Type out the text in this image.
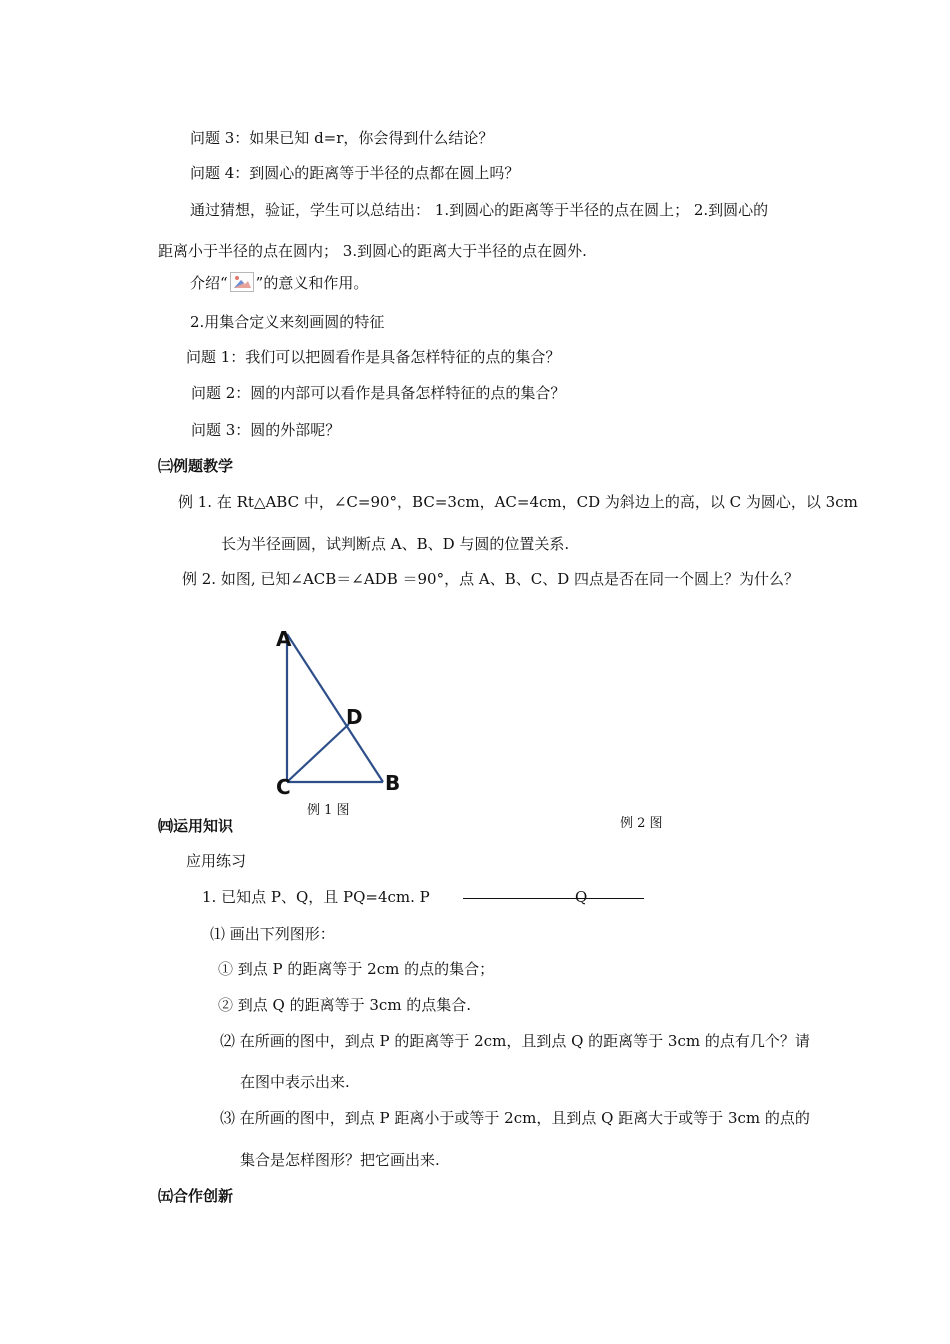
问题 3：如果已知 d=r，你会得到什么结论？
问题 4：到圆心的距离等于半径的点都在圆上吗？
通过猜想，验证，学生可以总结出： 1.到圆心的距离等于半径的点在圆上； 2.到圆心的
距离小于半径的点在圆内； 3.到圆心的距离大于半径的点在圆外.
介绍“ ”的意义和作用。
2.用集合定义来刻画圆的特征
问题 1：我们可以把圆看作是具备怎样特征的点的集合？
问题 2：圆的内部可以看作是具备怎样特征的点的集合？
问题 3：圆的外部呢？
㈢例题教学
例 1. 在 Rt△ABC 中，∠C=90°，BC=3cm，AC=4cm，CD 为斜边上的高，以 C 为圆心，以 3cm
长为半径画圆，试判断点 A、B、D 与圆的位置关系.
例 2. 如图, 已知∠ACB＝∠ADB ＝90°，点 A、B、C、D 四点是否在同一个圆上？为什么？
A
D
C	B
例 1 图
例 2 图
㈣运用知识
应用练习
1. 已知点 P、Q，且 PQ=4cm. P	Q
⑴ 画出下列图形：
① 到点 P 的距离等于 2cm 的点的集合；
② 到点 Q 的距离等于 3cm 的点集合.
⑵ 在所画的图中，到点 P 的距离等于 2cm，且到点 Q 的距离等于 3cm 的点有几个？请
在图中表示出来.
⑶ 在所画的图中，到点 P 距离小于或等于 2cm，且到点 Q 距离大于或等于 3cm 的点的
集合是怎样图形？把它画出来.
㈤合作创新
